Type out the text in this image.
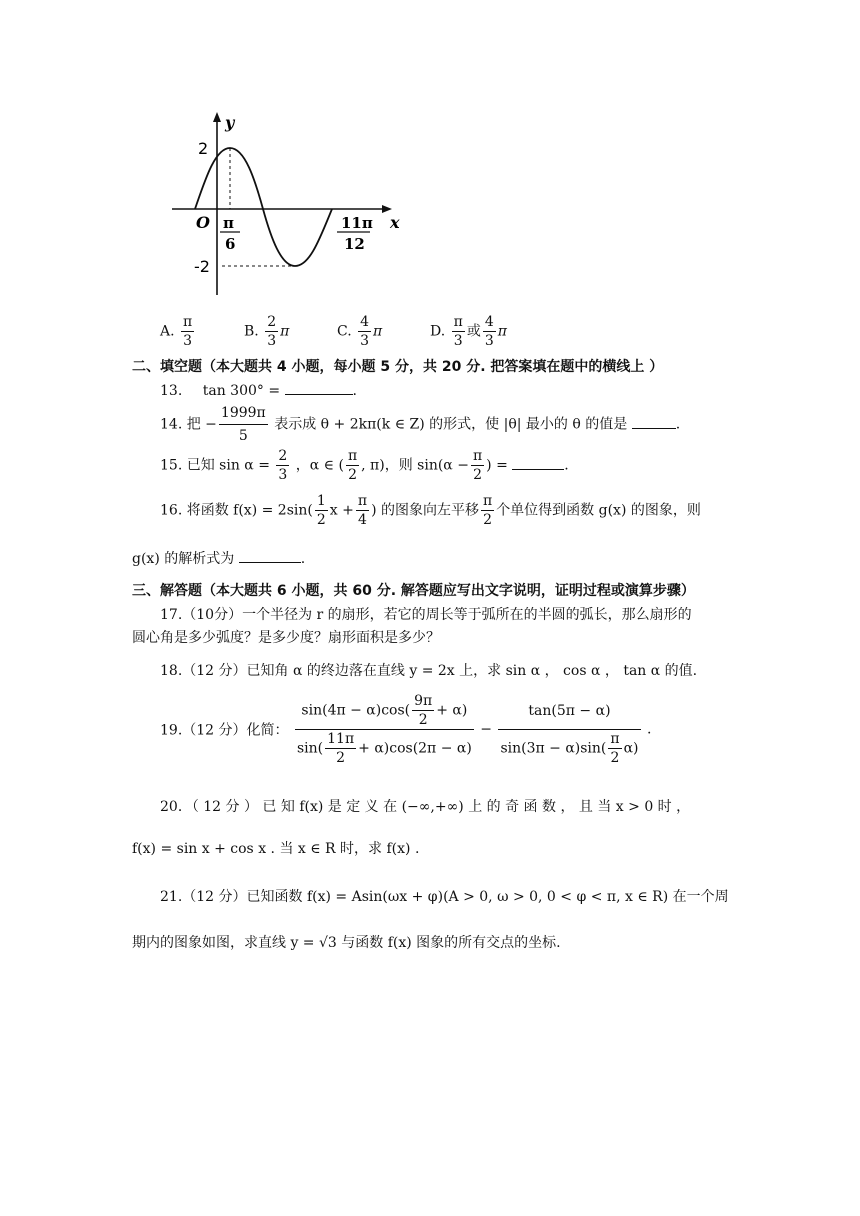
y
x
O
2
-2
π
6
11π
12
A. $\frac{\pi}{3}$	B. $\frac{2}{3}$ π	C. $\frac{4}{3}$ π	D. $\frac{\pi}{3}$ 或 $\frac{4}{3}$ π
二、填空题（本大题共 4 小题，每小题 5 分，共 20 分. 把答案填在题中的横线上 ）
13. tan 300° =	.
14. 把 − $\frac{1999\pi}{5}$ 表示成 θ + 2kπ(k ∈ Z) 的形式，使 |θ| 最小的 θ 的值是	.
15. 已知 $\sin \alpha = \frac{2}{3}$ ，α ∈ ( $\frac{\pi}{2}$ , π)，则 $\sin(\alpha - \frac{\pi}{2}$ ) =	.
16. 将函数 $f(x) = 2\sin( \frac{1}{2}$ $x + \frac{\pi}{4}$ ) 的图象向左平移 $\frac{\pi}{2}$ 个单位得到函数 g(x) 的图象，则
g(x) 的解析式为	.
三、解答题（本大题共 6 小题，共 60 分. 解答题应写出文字说明，证明过程或演算步骤）
17.（10分）一个半径为 r 的扇形，若它的周长等于弧所在的半圆的弧长，那么扇形的
圆心角是多少弧度？是多少度？扇形面积是多少？
18.（12 分）已知角 α 的终边落在直线 y = 2x 上，求 sin α ， cos α ， tan α 的值.
19.（12 分）化简： $\frac{\sin(4\pi - \alpha)\cos( \frac{9\pi}{2} + \alpha)}{\sin( \frac{11\pi}{2} + \alpha)\cos(2\pi - \alpha)} - \frac{\tan(5\pi - \alpha)}{\sin(3\pi - \alpha)\sin( \frac{\pi}{2} \alpha)}$ .
20．（ 12 分 ） 已 知 f(x) 是 定 义 在 (−∞,+∞) 上 的 奇 函 数 ， 且 当 x > 0 时 ，
f(x) = sin x + cos x . 当 x ∈ R 时，求 f(x) .
21.（12 分）已知函数 f(x) = Asin(ωx + φ)(A > 0, ω > 0, 0 < φ < π, x ∈ R) 在一个周
期内的图象如图，求直线 y = √3 与函数 f(x) 图象的所有交点的坐标.
